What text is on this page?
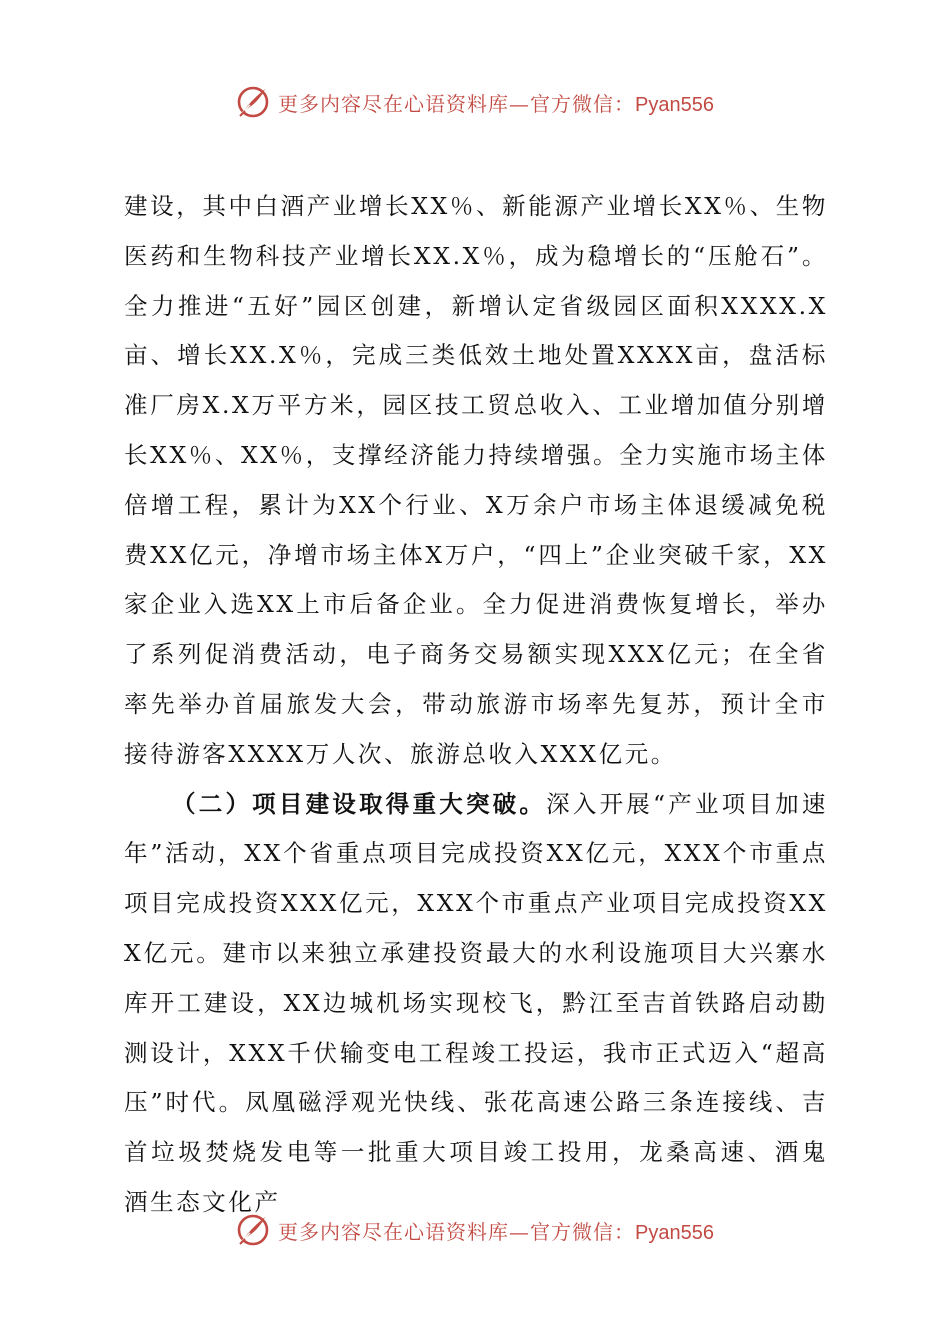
更多内容尽在心语资料库—官方微信：Pyan556

建设，其中白酒产业增长XX％、新能源产业增长XX％、生物医药和生物科技产业增长XX.X％，成为稳增长的“压舱石”。全力推进“五好”园区创建，新增认定省级园区面积XXXX.X亩、增长XX.X％，完成三类低效土地处置XXXX亩，盘活标准厂房X.X万平方米，园区技工贸总收入、工业增加值分别增长XX％、XX％，支撑经济能力持续增强。全力实施市场主体倍增工程，累计为XX个行业、X万余户市场主体退缓减免税费XX亿元，净增市场主体X万户，“四上”企业突破千家，XX家企业入选XX上市后备企业。全力促进消费恢复增长，举办了系列促消费活动，电子商务交易额实现XXX亿元；在全省率先举办首届旅发大会，带动旅游市场率先复苏，预计全市接待游客XXXX万人次、旅游总收入XXX亿元。

（二）项目建设取得重大突破。深入开展“产业项目加速年”活动，XX个省重点项目完成投资XX亿元，XXX个市重点项目完成投资XXX亿元，XXX个市重点产业项目完成投资XXX亿元。建市以来独立承建投资最大的水利设施项目大兴寨水库开工建设，XX边城机场实现校飞，黔江至吉首铁路启动勘测设计，XXX千伏输变电工程竣工投运，我市正式迈入“超高压”时代。凤凰磁浮观光快线、张花高速公路三条连接线、吉首垃圾焚烧发电等一批重大项目竣工投用，龙桑高速、酒鬼酒生态文化产

更多内容尽在心语资料库—官方微信：Pyan556
